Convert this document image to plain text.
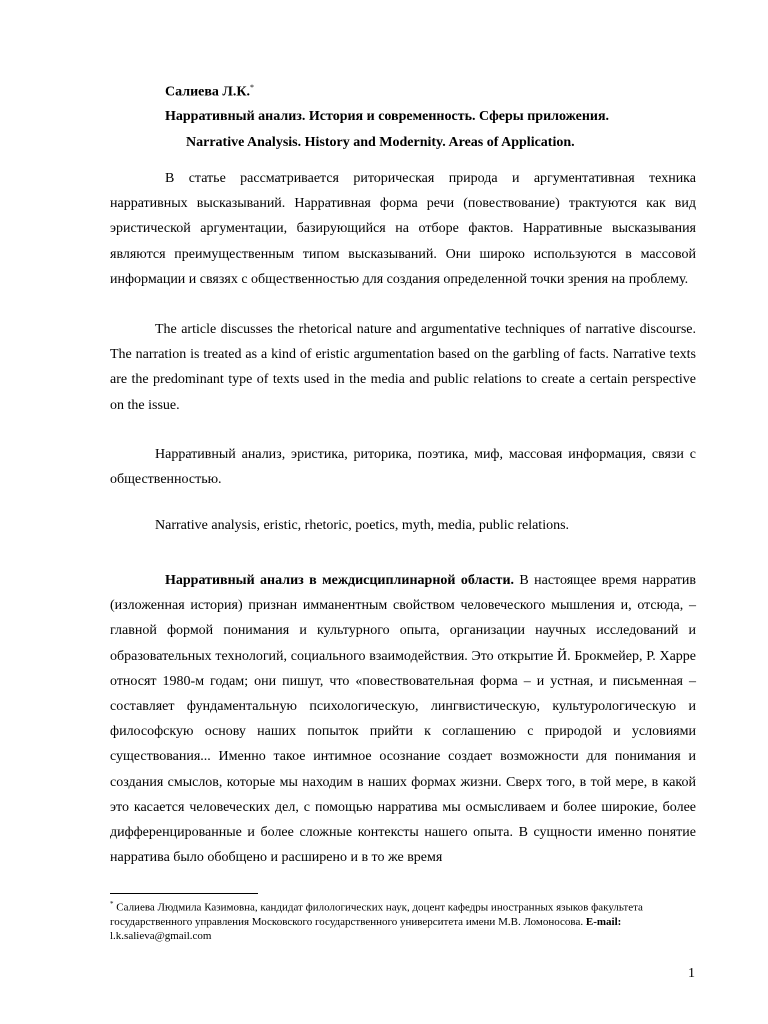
Салиева Л.К.*
Нарративный анализ. История и современность. Сферы приложения.
Narrative Analysis. History and Modernity. Areas of Application.

В статье рассматривается риторическая природа и аргументативная техника нарративных высказываний. Нарративная форма речи (повествование) трактуются как вид эристической аргументации, базирующийся на отборе фактов. Нарративные высказывания являются преимущественным типом высказываний. Они широко используются в массовой информации и связях с общественностью для создания определенной точки зрения на проблему.

The article discusses the rhetorical nature and argumentative techniques of narrative discourse. The narration is treated as a kind of eristic argumentation based on the garbling of facts. Narrative texts are the predominant type of texts used in the media and public relations to create a certain perspective on the issue.

Нарративный анализ, эристика, риторика, поэтика, миф, массовая информация, связи с общественностью.

Narrative analysis, eristic, rhetoric, poetics, myth, media, public relations.

Нарративный анализ в междисциплинарной области. В настоящее время нарратив (изложенная история) признан имманентным свойством человеческого мышления и, отсюда, – главной формой понимания и культурного опыта, организации научных исследований и образовательных технологий, социального взаимодействия. Это открытие Й. Брокмейер, Р. Харре относят 1980-м годам; они пишут, что «повествовательная форма – и устная, и письменная – составляет фундаментальную психологическую, лингвистическую, культурологическую и философскую основу наших попыток прийти к соглашению с природой и условиями существования... Именно такое интимное осознание создает возможности для понимания и создания смыслов, которые мы находим в наших формах жизни. Сверх того, в той мере, в какой это касается человеческих дел, с помощью нарратива мы осмысливаем и более широкие, более дифференцированные и более сложные контексты нашего опыта. В сущности именно понятие нарратива было обобщено и расширено и в то же время

* Салиева Людмила Казимовна, кандидат филологических наук, доцент кафедры иностранных языков факультета государственного управления Московского государственного университета имени М.В. Ломоносова. E-mail: l.k.salieva@gmail.com

1
